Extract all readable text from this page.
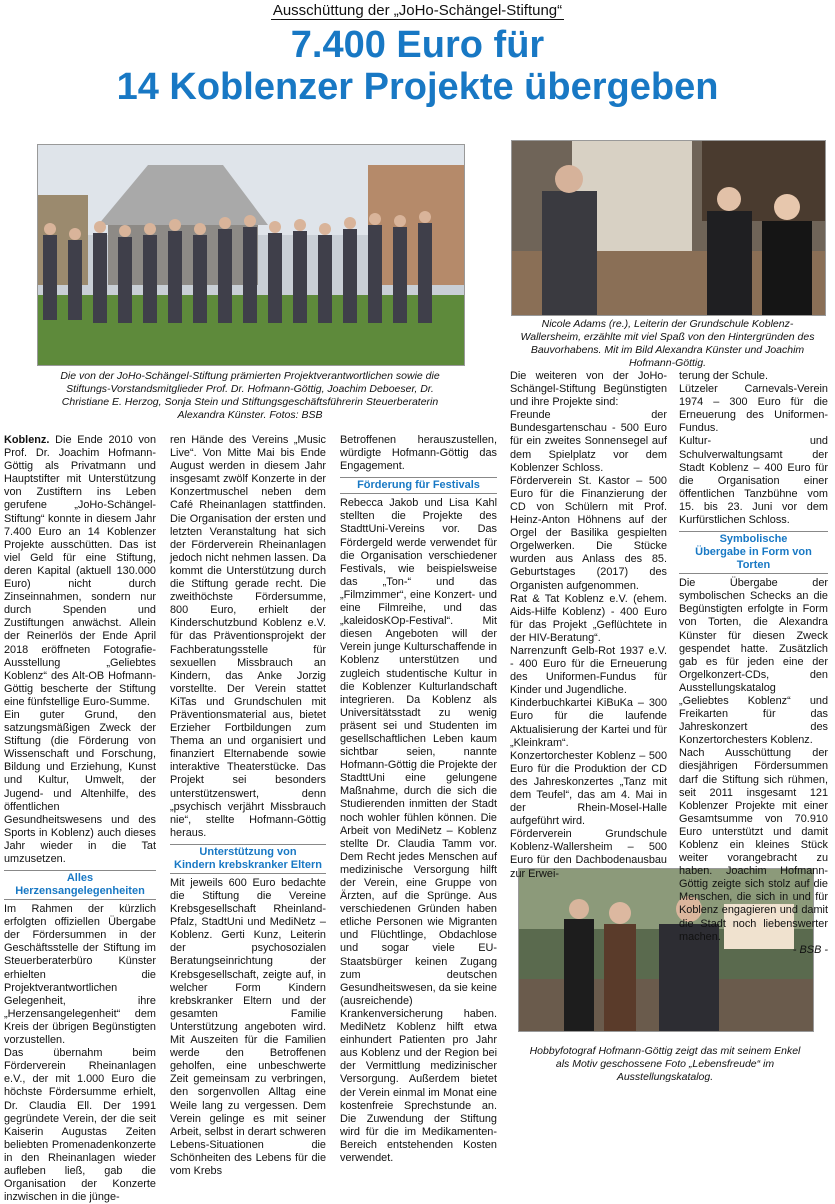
Ausschüttung der „JoHo-Schängel-Stiftung“
7.400 Euro für
14 Koblenzer Projekte übergeben
Die von der JoHo-Schängel-Stiftung prämierten Projektverantwortlichen sowie die Stiftungs-Vorstandsmitglieder Prof. Dr. Hofmann-Göttig, Joachim Deboeser, Dr. Christiane E. Herzog, Sonja Stein und Stiftungsgeschäftsführerin Steuerberaterin Alexandra Künster. Fotos: BSB
Nicole Adams (re.), Leiterin der Grundschule Koblenz-Wallersheim, erzählte mit viel Spaß von den Hintergründen des Bauvorhabens. Mit im Bild Alexandra Künster und Joachim Hofmann-Göttig.
Hobbyfotograf Hofmann-Göttig zeigt das mit seinem Enkel als Motiv geschossene Foto „Lebensfreude“ im Ausstellungskatalog.

Koblenz. Die Ende 2010 von Prof. Dr. Joachim Hofmann-Göttig als Privatmann und Hauptstifter mit Unterstützung von Zustiftern ins Leben gerufene „JoHo-Schängel-Stiftung“ konnte in diesem Jahr 7.400 Euro an 14 Koblenzer Projekte ausschütten. Das ist viel Geld für eine Stiftung, deren Kapital (aktuell 130.000 Euro) nicht durch Zinseinnahmen, sondern nur durch Spenden und Zustiftungen anwächst. Allein der Reinerlös der Ende April 2018 eröffneten Fotografie-Ausstellung „Geliebtes Koblenz“ des Alt-OB Hofmann-Göttig bescherte der Stiftung eine fünfstellige Euro-Summe.

Ein guter Grund, den satzungsmäßigen Zweck der Stiftung (die Förderung von Wissenschaft und Forschung, Bildung und Erziehung, Kunst und Kultur, Umwelt, der Jugend- und Altenhilfe, des öffentlichen Gesundheitswesens und des Sports in Koblenz) auch dieses Jahr wieder in die Tat umzusetzen.

Alles
Herzensangelegenheiten

Im Rahmen der kürzlich erfolgten offiziellen Übergabe der Fördersummen in der Geschäftsstelle der Stiftung im Steuerberaterbüro Künster erhielten die Projektverantwortlichen Gelegenheit, ihre „Herzensangelegenheit“ dem Kreis der übrigen Begünstigten vorzustellen.

Das übernahm beim Förderverein Rheinanlagen e.V., der mit 1.000 Euro die höchste Fördersumme erhielt, Dr. Claudia Ell. Der 1991 gegründete Verein, der die seit Kaiserin Augustas Zeiten beliebten Promenadenkonzerte in den Rheinanlagen wieder aufleben ließ, gab die Organisation der Konzerte inzwischen in die jünge-

ren Hände des Vereins „Music Live“. Von Mitte Mai bis Ende August werden in diesem Jahr insgesamt zwölf Konzerte in der Konzertmuschel neben dem Café Rheinanlagen stattfinden. Die Organisation der ersten und letzten Veranstaltung hat sich der Förderverein Rheinanlagen jedoch nicht nehmen lassen. Da kommt die Unterstützung durch die Stiftung gerade recht. Die zweithöchste Fördersumme, 800 Euro, erhielt der Kinderschutzbund Koblenz e.V. für das Präventionsprojekt der Fachberatungsstelle für sexuellen Missbrauch an Kindern, das Anke Jorzig vorstellte. Der Verein stattet KiTas und Grundschulen mit Präventionsmaterial aus, bietet Erzieher Fortbildungen zum Thema an und organisiert und finanziert Elternabende sowie interaktive Theaterstücke. Das Projekt sei besonders unterstützenswert, denn „psychisch verjährt Missbrauch nie“, stellte Hofmann-Göttig heraus.

Unterstützung von
Kindern krebskranker Eltern

Mit jeweils 600 Euro bedachte die Stiftung die Vereine Krebsgesellschaft Rheinland-Pfalz, StadtUni und MediNetz – Koblenz. Gerti Kunz, Leiterin der psychosozialen Beratungseinrichtung der Krebsgesellschaft, zeigte auf, in welcher Form Kindern krebskranker Eltern und der gesamten Familie Unterstützung angeboten wird. Mit Auszeiten für die Familien werde den Betroffenen geholfen, eine unbeschwerte Zeit gemeinsam zu verbringen, den sorgenvollen Alltag eine Weile lang zu vergessen. Dem Verein gelinge es mit seiner Arbeit, selbst in derart schweren Lebens-Situationen die Schönheiten des Lebens für die vom Krebs

Betroffenen herauszustellen, würdigte Hofmann-Göttig das Engagement.

Förderung für Festivals

Rebecca Jakob und Lisa Kahl stellten die Projekte des StadttUni-Vereins vor. Das Fördergeld werde verwendet für die Organisation verschiedener Festivals, wie beispielsweise das „Ton-“ und das „Filmzimmer“, eine Konzert- und eine Filmreihe, und das „kaleidosKOp-Festival“. Mit diesen Angeboten will der Verein junge Kulturschaffende in Koblenz unterstützen und zugleich studentische Kultur in die Koblenzer Kulturlandschaft integrieren. Da Koblenz als Universitätsstadt zu wenig präsent sei und Studenten im gesellschaftlichen Leben kaum sichtbar seien, nannte Hofmann-Göttig die Projekte der StadttUni eine gelungene Maßnahme, durch die sich die Studierenden inmitten der Stadt noch wohler fühlen können. Die Arbeit von MediNetz – Koblenz stellte Dr. Claudia Tamm vor. Dem Recht jedes Menschen auf medizinische Versorgung hilft der Verein, eine Gruppe von Ärzten, auf die Sprünge. Aus verschiedenen Gründen haben etliche Personen wie Migranten und Flüchtlinge, Obdachlose und sogar viele EU-Staatsbürger keinen Zugang zum deutschen Gesundheitswesen, da sie keine (ausreichende) Krankenversicherung haben. MediNetz Koblenz hilft etwa einhundert Patienten pro Jahr aus Koblenz und der Region bei der Vermittlung medizinischer Versorgung. Außerdem bietet der Verein einmal im Monat eine kostenfreie Sprechstunde an. Die Zuwendung der Stiftung wird für die im Medikamenten-Bereich entstehenden Kosten verwendet.

Die weiteren von der JoHo-Schängel-Stiftung Begünstigten und ihre Projekte sind:

Freunde der Bundesgartenschau - 500 Euro für ein zweites Sonnensegel auf dem Spielplatz vor dem Koblenzer Schloss.

Förderverein St. Kastor – 500 Euro für die Finanzierung der CD von Schülern mit Prof. Heinz-Anton Höhnens auf der Orgel der Basilika gespielten Orgelwerken. Die Stücke wurden aus Anlass des 85. Geburtstages (2017) des Organisten aufgenommen.

Rat & Tat Koblenz e.V. (ehem. Aids-Hilfe Koblenz) - 400 Euro für das Projekt „Geflüchtete in der HIV-Beratung“.

Narrenzunft Gelb-Rot 1937 e.V. - 400 Euro für die Erneuerung des Uniformen-Fundus für Kinder und Jugendliche.

Kinderbuchkartei KiBuKa – 300 Euro für die laufende Aktualisierung der Kartei und für „Kleinkram“.

Konzertorchester Koblenz – 500 Euro für die Produktion der CD des Jahreskonzertes „Tanz mit dem Teufel“, das am 4. Mai in der Rhein-Mosel-Halle aufgeführt wird.

Förderverein Grundschule Koblenz-Wallersheim – 500 Euro für den Dachbodenausbau zur Erwei-

terung der Schule.

Lützeler Carnevals-Verein 1974 – 300 Euro für die Erneuerung des Uniformen-Fundus.

Kultur- und Schulverwaltungsamt der Stadt Koblenz – 400 Euro für die Organisation einer öffentlichen Tanzbühne vom 15. bis 23. Juni vor dem Kurfürstlichen Schloss.

Symbolische
Übergabe in Form von Torten

Die Übergabe der symbolischen Schecks an die Begünstigten erfolgte in Form von Torten, die Alexandra Künster für diesen Zweck gespendet hatte. Zusätzlich gab es für jeden eine der Orgelkonzert-CDs, den Ausstellungskatalog „Geliebtes Koblenz“ und Freikarten für das Jahreskonzert des Konzertorchesters Koblenz.

Nach Ausschüttung der diesjährigen Fördersummen darf die Stiftung sich rühmen, seit 2011 insgesamt 121 Koblenzer Projekte mit einer Gesamtsumme von 70.910 Euro unterstützt und damit Koblenz ein kleines Stück weiter vorangebracht zu haben. Joachim Hofmann-Göttig zeigte sich stolz auf die Menschen, die sich in und für Koblenz engagieren und damit die Stadt noch liebenswerter machen.

- BSB -
